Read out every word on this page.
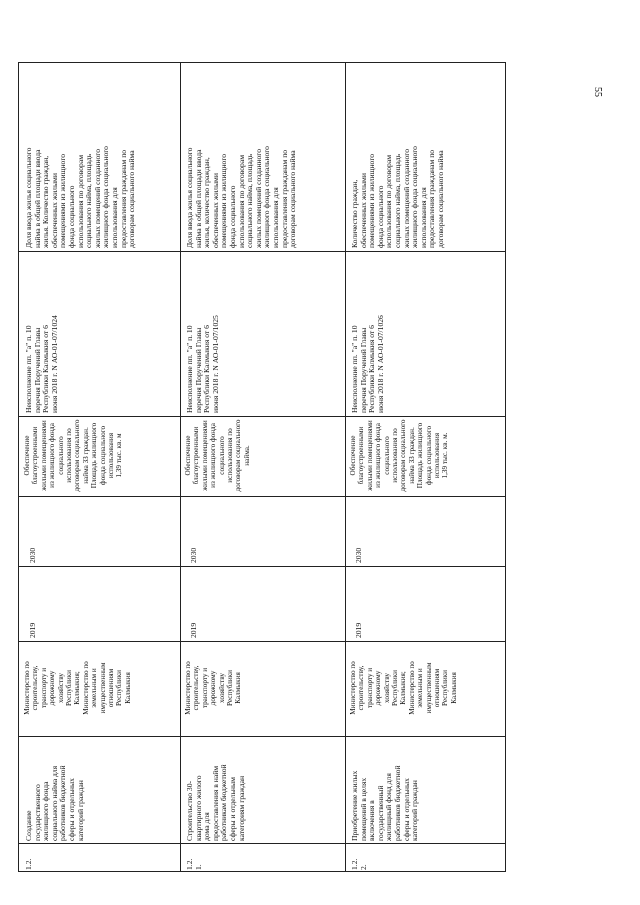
55
Доля ввода жилья социального
найма в общей площади ввода
жилья. Количество граждан,
обеспеченных жилыми
помещениями из жилищного
фонда социального
использования по договорам
социального найма, площадь
жилых помещений созданного
жилищного фонда социального
использования для
предоставления гражданам по
договорам социального найма
Неисполнение пп. "а" п. 10
перечня Поручений Главы
Республики Калмыкия от 6
июня 2018 г. N АО-01-07/1024
Обеспечение
благоустроенными
жилыми помещениями
из жилищного фонда
социального
использования по
договорам социального
найма 33 граждан.
Площадь жилищного
фонда социального
использования
1,39 тыс. кв. м
2030
2019
Министерство по
строительству,
транспорту и
дорожному
хозяйству
Республики
Калмыкия;
Министерство по
земельным и
имущественным
отношениям
Республики
Калмыкия
Создание
государственного
жилищного фонда
социального найма для
работников бюджетной
сферы и отдельных
категорий граждан
1.2.
Доля ввода жилья социального
найма в общей площади ввода
жилья, количество граждан,
обеспеченных жилыми
помещениями из жилищного
фонда социального
использования по договорам
социального найма, площадь
жилых помещений созданного
жилищного фонда социального
использования для
предоставления гражданам по
договорам социального найма
Неисполнение пп. "а" п. 10
перечня Поручений Главы
Республики Калмыкия от 6
июня 2018 г. N АО-01-07/1025
Обеспечение
благоустроенными
жилыми помещениями
из жилищного фонда
социального
использования по
договорам социального
найма.
2030
2019
Министерство по
строительству,
транспорту и
дорожному
хозяйству
Республики
Калмыкия
Строительство 30-
квартирного жилого
дома для
предоставления в найм
работникам бюджетной
сферы и отдельным
категориям граждан
1.2.
1.
Количество граждан,
обеспеченных жилыми
помещениями из жилищного
фонда социального
использования по договорам
социального найма, площадь
жилых помещений созданного
жилищного фонда социального
использования для
предоставления гражданам по
договорам социального найма
Неисполнение пп. "а" п. 10
перечня Поручений Главы
Республики Калмыкия от 6
июня 2018 г. N АО-01-07/1026
Обеспечение
благоустроенными
жилыми помещениями
из жилищного фонда
социального
использования по
договорам социального
найма 33 граждан.
Площадь жилищного
фонда социального
использования
1,39 тыс. кв. м.
2030
2019
Министерство по
строительству,
транспорту и
дорожному
хозяйству
Республики
Калмыкия;
Министерство по
земельным и
имущественным
отношениям
Республики
Калмыкия
Приобретение жилых
помещений в целях
включения в
государственный
жилищный фонд для
работников бюджетной
сферы и отдельных
категорий граждан
1.2.
2.
